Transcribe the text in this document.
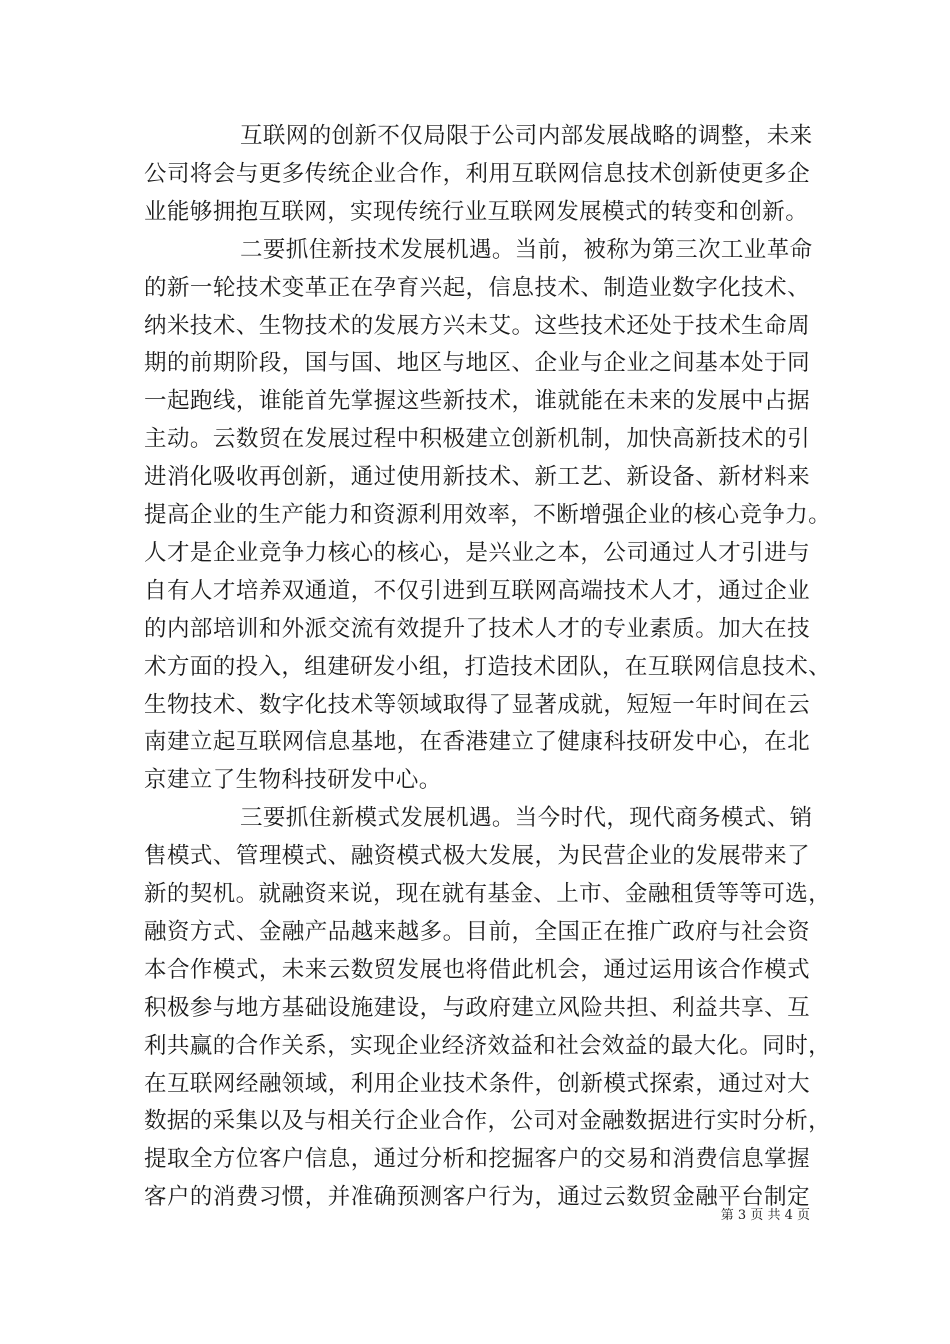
互联网的创新不仅局限于公司内部发展战略的调整，未来
公司将会与更多传统企业合作，利用互联网信息技术创新使更多企
业能够拥抱互联网，实现传统行业互联网发展模式的转变和创新。
二要抓住新技术发展机遇。当前，被称为第三次工业革命
的新一轮技术变革正在孕育兴起，信息技术、制造业数字化技术、
纳米技术、生物技术的发展方兴未艾。这些技术还处于技术生命周
期的前期阶段，国与国、地区与地区、企业与企业之间基本处于同
一起跑线，谁能首先掌握这些新技术，谁就能在未来的发展中占据
主动。云数贸在发展过程中积极建立创新机制，加快高新技术的引
进消化吸收再创新，通过使用新技术、新工艺、新设备、新材料来
提高企业的生产能力和资源利用效率，不断增强企业的核心竞争力。
人才是企业竞争力核心的核心，是兴业之本，公司通过人才引进与
自有人才培养双通道，不仅引进到互联网高端技术人才，通过企业
的内部培训和外派交流有效提升了技术人才的专业素质。加大在技
术方面的投入，组建研发小组，打造技术团队，在互联网信息技术、
生物技术、数字化技术等领域取得了显著成就，短短一年时间在云
南建立起互联网信息基地，在香港建立了健康科技研发中心，在北
京建立了生物科技研发中心。
三要抓住新模式发展机遇。当今时代，现代商务模式、销
售模式、管理模式、融资模式极大发展，为民营企业的发展带来了
新的契机。就融资来说，现在就有基金、上市、金融租赁等等可选，
融资方式、金融产品越来越多。目前，全国正在推广政府与社会资
本合作模式，未来云数贸发展也将借此机会，通过运用该合作模式
积极参与地方基础设施建设，与政府建立风险共担、利益共享、互
利共赢的合作关系，实现企业经济效益和社会效益的最大化。同时，
在互联网经融领域，利用企业技术条件，创新模式探索，通过对大
数据的采集以及与相关行企业合作，公司对金融数据进行实时分析，
提取全方位客户信息，通过分析和挖掘客户的交易和消费信息掌握
客户的消费习惯，并准确预测客户行为，通过云数贸金融平台制定
第 3 页 共 4 页
